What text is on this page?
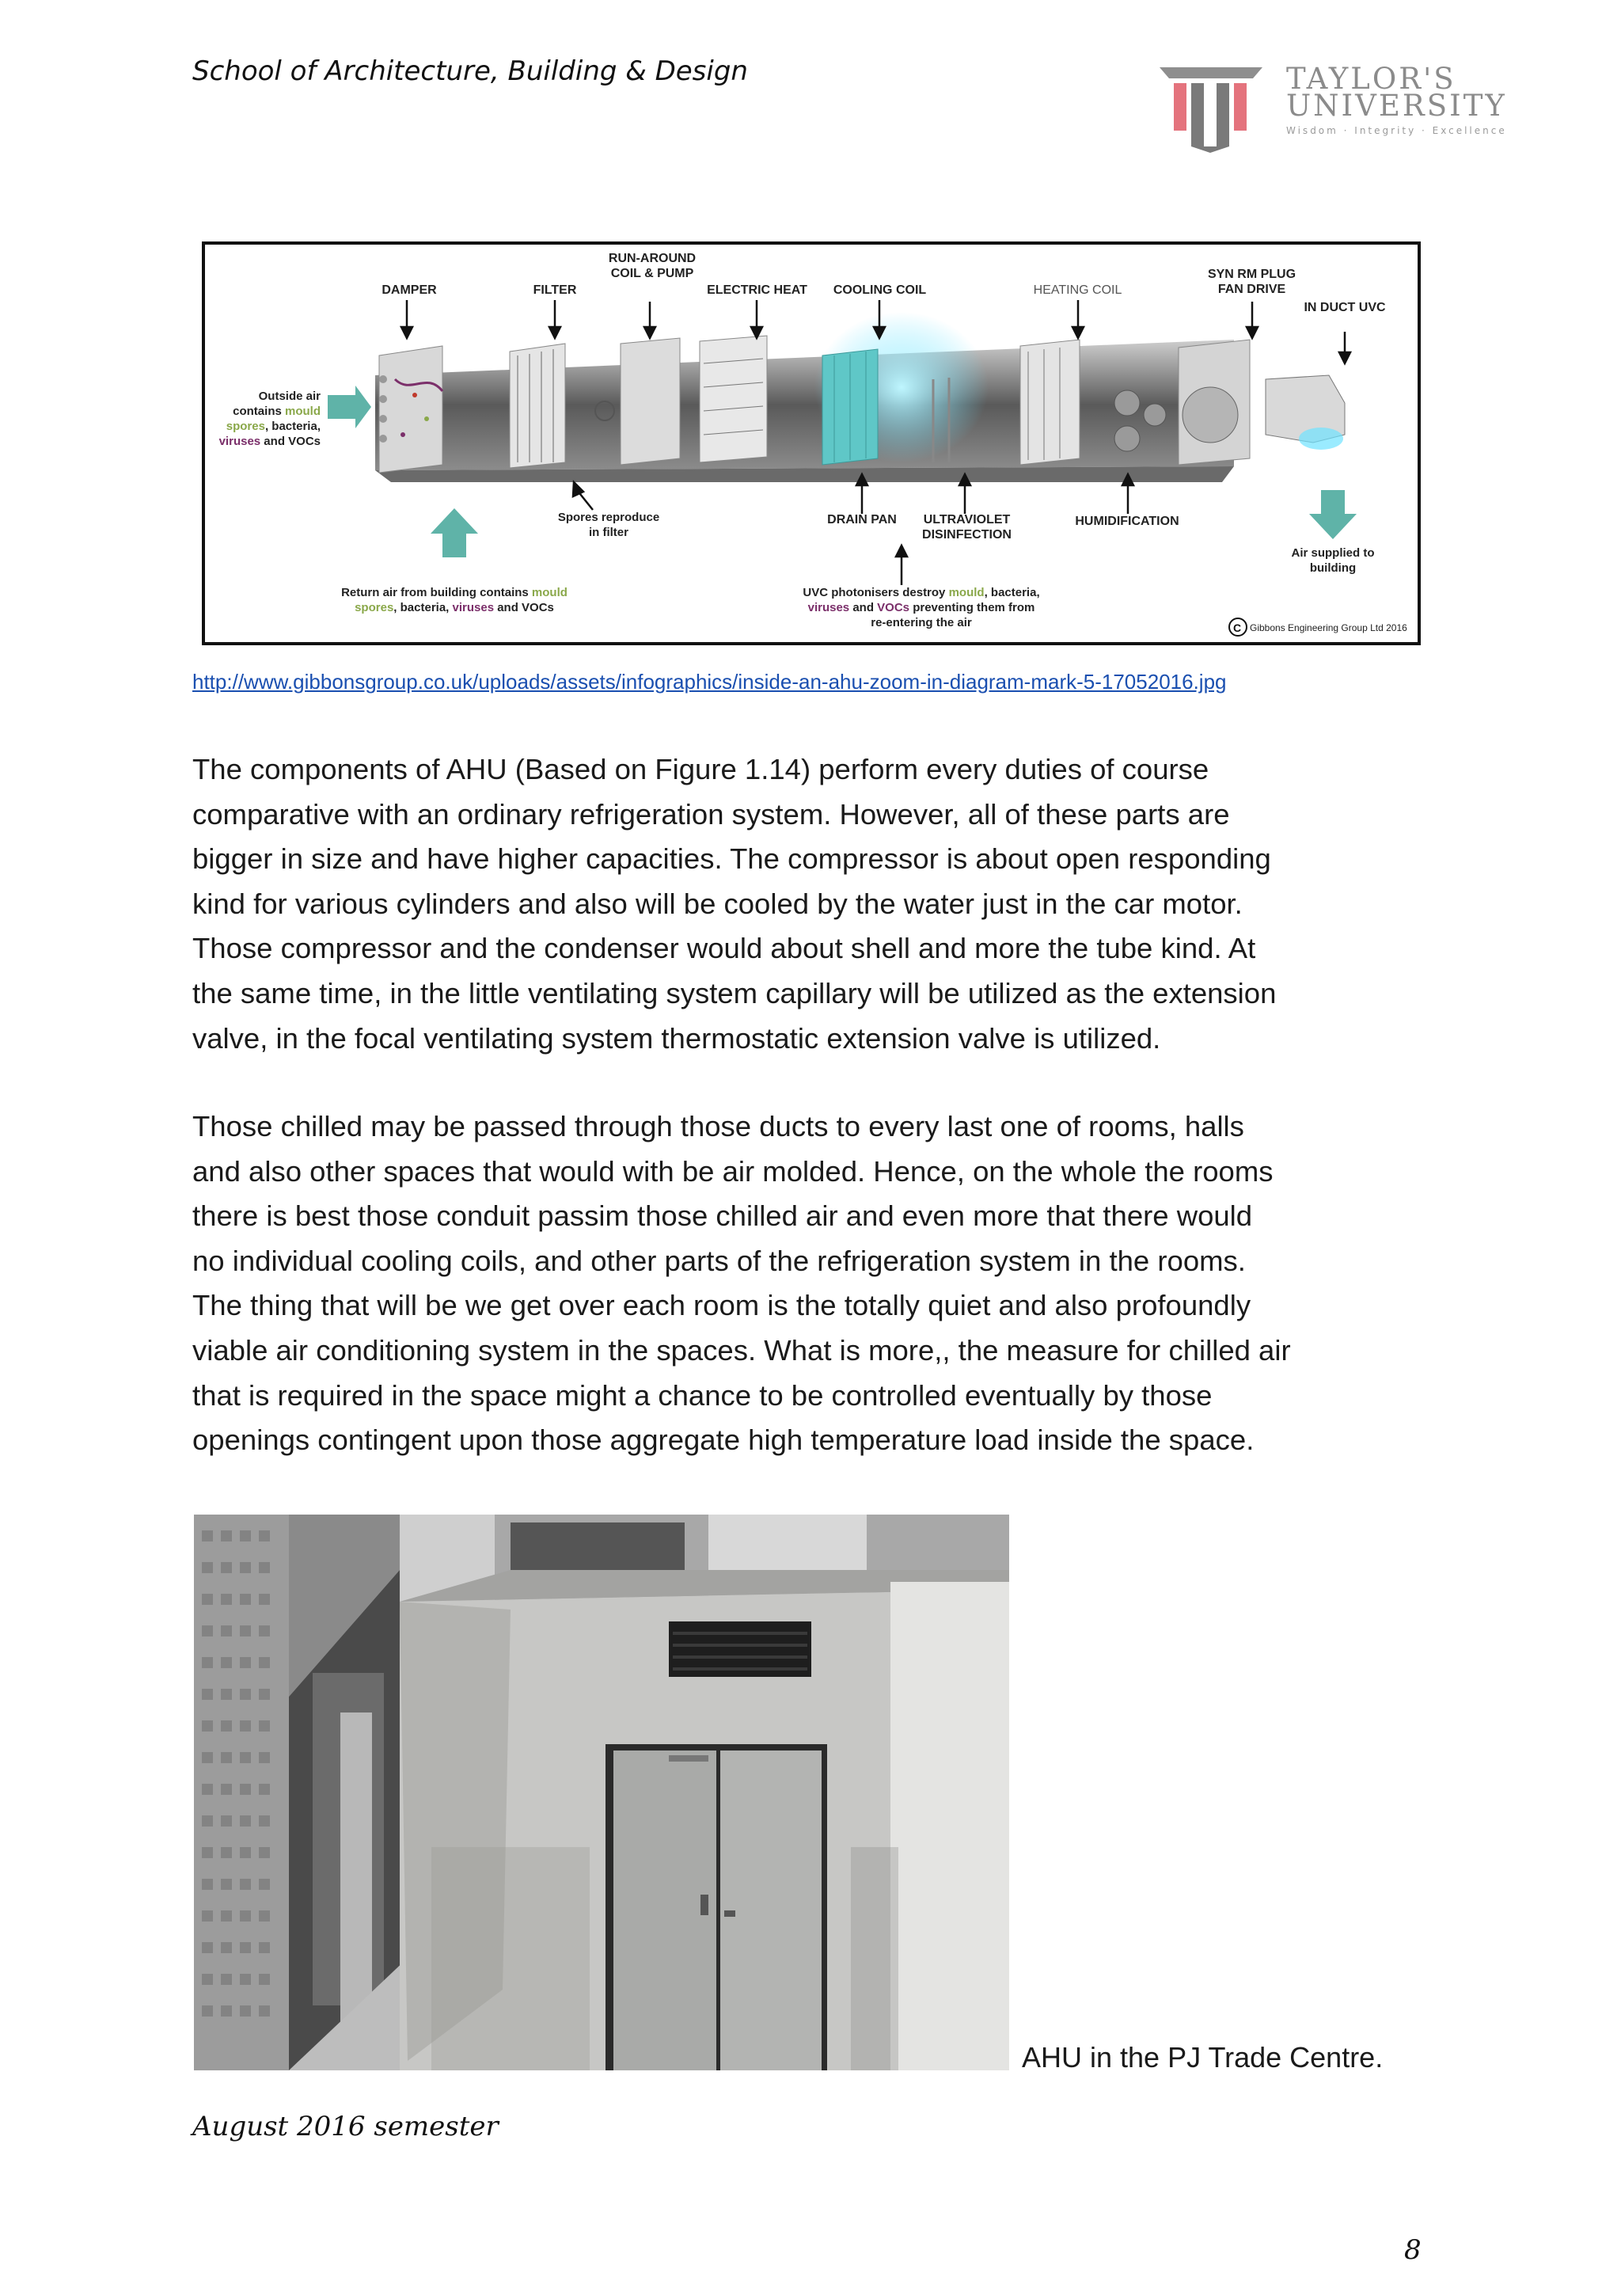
School of Architecture, Building & Design	TAYLOR'S
UNIVERSITY
Wisdom · Integrity · Excellence
C
DAMPER	FILTER
RUN-AROUND
COIL & PUMP
ELECTRIC HEAT	COOLING COIL	HEATING COIL
SYN RM PLUG
FAN DRIVE
IN DUCT UVC
DRAIN PAN	ULTRAVIOLET
DISINFECTION
HUMIDIFICATION
Outside air
contains mould
spores, bacteria,
viruses and VOCs
Spores reproduce
in filter
Return air from building contains mould
spores, bacteria, viruses and VOCs
UVC photonisers destroy mould, bacteria,
viruses and VOCs preventing them from
re-entering the air
Air supplied to
building
Gibbons Engineering Group Ltd 2016
http://www.gibbonsgroup.co.uk/uploads/assets/infographics/inside-an-ahu-zoom-in-diagram-mark-5-17052016.jpg
The components of AHU (Based on Figure 1.14) perform every duties of course
comparative with an ordinary refrigeration system. However, all of these parts are
bigger in size and have higher capacities. The compressor is about open responding
kind for various cylinders and also will be cooled by the water just in the car motor.
Those compressor and the condenser would about shell and more the tube kind. At
the same time, in the little ventilating system capillary will be utilized as the extension
valve, in the focal ventilating system thermostatic extension valve is utilized.
Those chilled may be passed through those ducts to every last one of rooms, halls
and also other spaces that would with be air molded. Hence, on the whole the rooms
there is best those conduit passim those chilled air and even more that there would
no individual cooling coils, and other parts of the refrigeration system in the rooms.
The thing that will be we get over each room is the totally quiet and also profoundly
viable air conditioning system in the spaces. What is more,, the measure for chilled air
that is required in the space might a chance to be controlled eventually by those
openings contingent upon those aggregate high temperature load inside the space.
AHU in the PJ Trade Centre.
August 2016 semester
8
